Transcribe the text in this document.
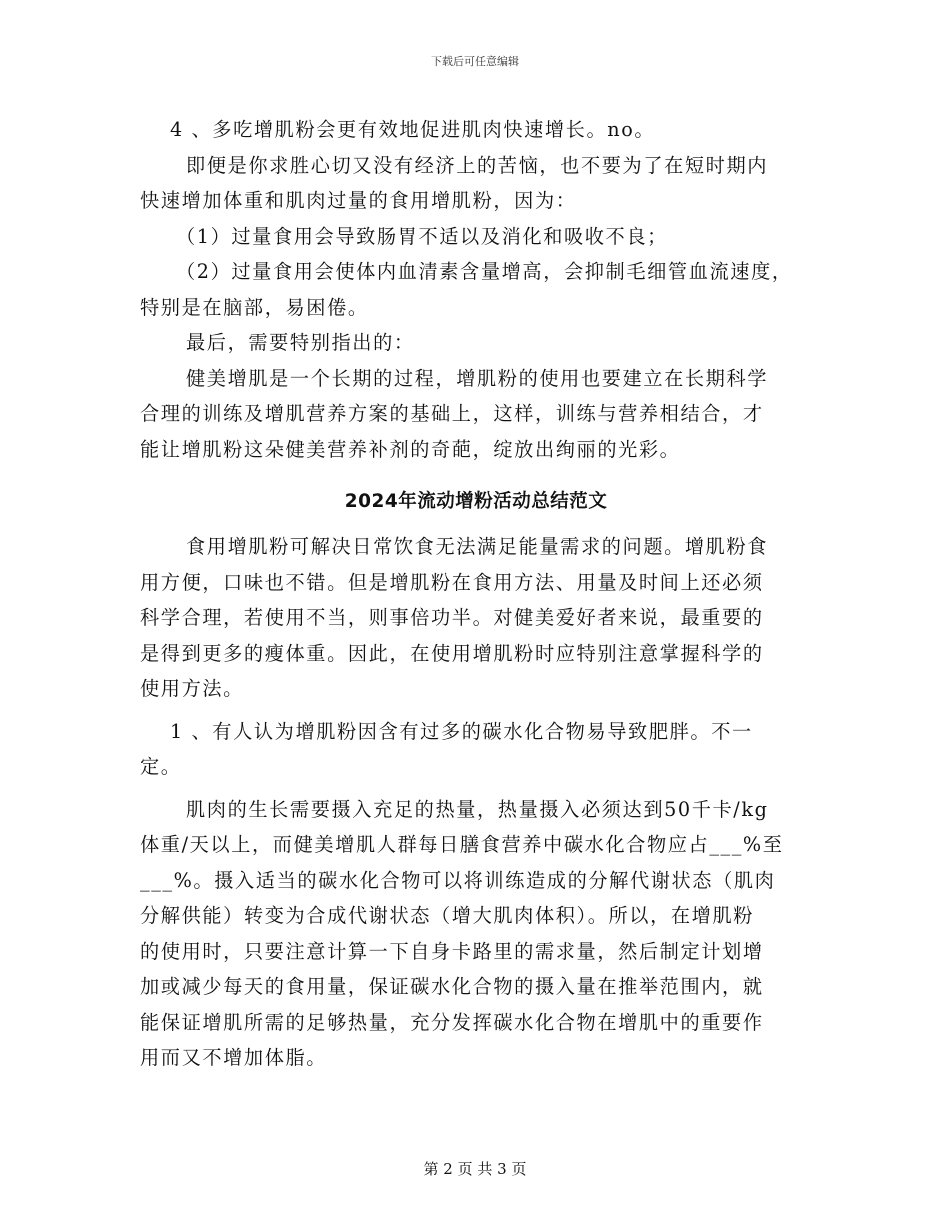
下载后可任意编辑
4 、多吃增肌粉会更有效地促进肌肉快速增长。no。
即便是你求胜心切又没有经济上的苦恼，也不要为了在短时期内
快速增加体重和肌肉过量的食用增肌粉，因为：
（1）过量食用会导致肠胃不适以及消化和吸收不良；
（2）过量食用会使体内血清素含量增高，会抑制毛细管血流速度，
特别是在脑部，易困倦。
最后，需要特别指出的：
健美增肌是一个长期的过程，增肌粉的使用也要建立在长期科学
合理的训练及增肌营养方案的基础上，这样，训练与营养相结合，才
能让增肌粉这朵健美营养补剂的奇葩，绽放出绚丽的光彩。
2024年流动增粉活动总结范文
食用增肌粉可解决日常饮食无法满足能量需求的问题。增肌粉食
用方便，口味也不错。但是增肌粉在食用方法、用量及时间上还必须
科学合理，若使用不当，则事倍功半。对健美爱好者来说，最重要的
是得到更多的瘦体重。因此，在使用增肌粉时应特别注意掌握科学的
使用方法。
1 、有人认为增肌粉因含有过多的碳水化合物易导致肥胖。不一
定。
肌肉的生长需要摄入充足的热量，热量摄入必须达到50千卡/kg
体重/天以上，而健美增肌人群每日膳食营养中碳水化合物应占___%至
___%。摄入适当的碳水化合物可以将训练造成的分解代谢状态（肌肉
分解供能）转变为合成代谢状态（增大肌肉体积）。所以，在增肌粉
的使用时，只要注意计算一下自身卡路里的需求量，然后制定计划增
加或减少每天的食用量，保证碳水化合物的摄入量在推举范围内，就
能保证增肌所需的足够热量，充分发挥碳水化合物在增肌中的重要作
用而又不增加体脂。
第 2 页 共 3 页
